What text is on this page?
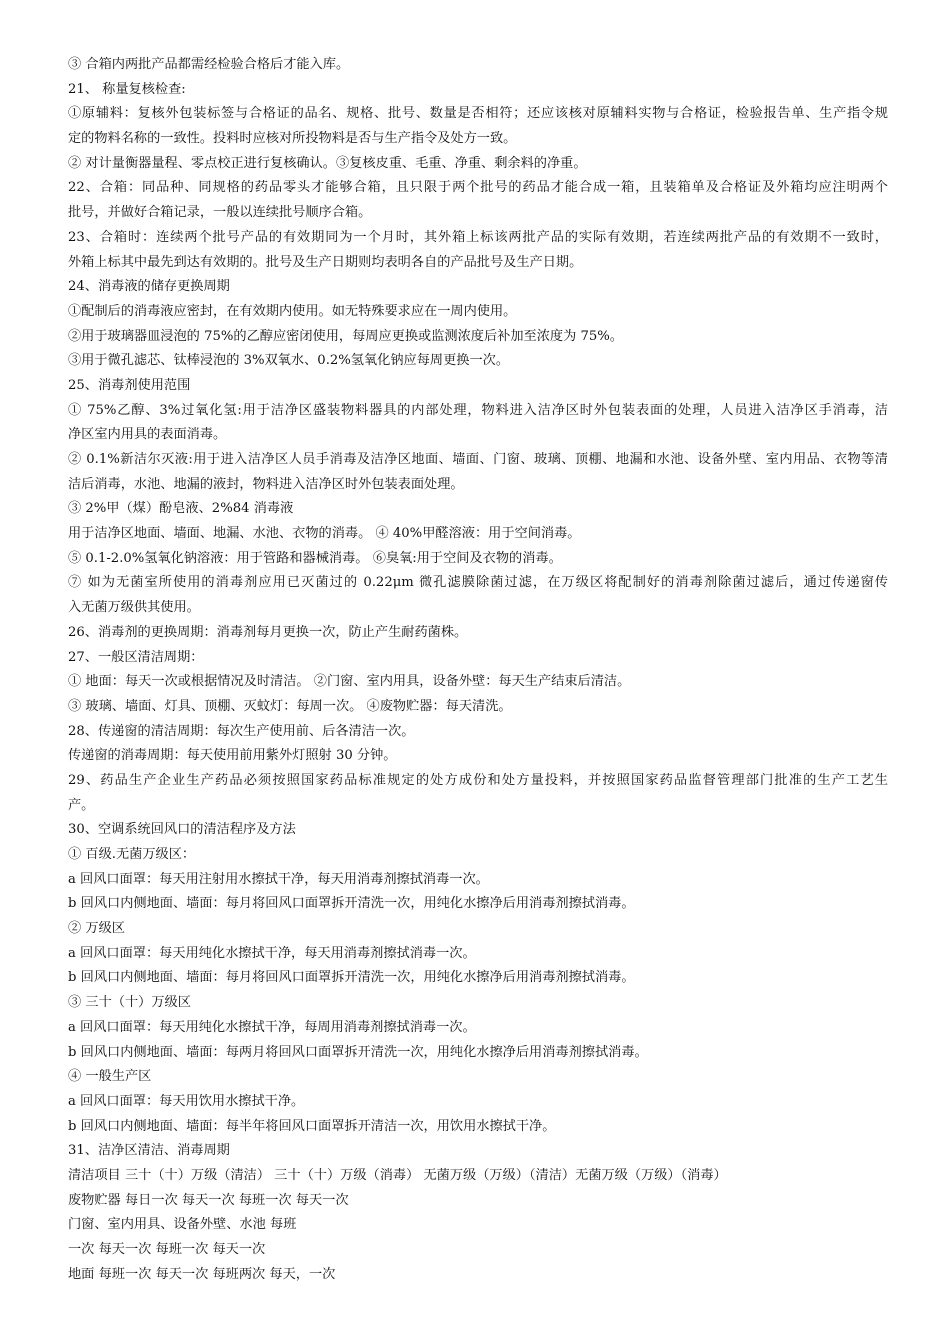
③ 合箱内两批产品都需经检验合格后才能入库。
21、 称量复核检查:
①原辅料：复核外包装标签与合格证的品名、规格、批号、数量是否相符；还应该核对原辅料实物与合格证，检验报告单、生产指令规
定的物料名称的一致性。投料时应核对所投物料是否与生产指令及处方一致。
② 对计量衡器量程、零点校正进行复核确认。③复核皮重、毛重、净重、剩余料的净重。
22、合箱：同品种、同规格的药品零头才能够合箱，且只限于两个批号的药品才能合成一箱，且装箱单及合格证及外箱均应注明两个
批号，并做好合箱记录，一般以连续批号顺序合箱。
23、合箱时：连续两个批号产品的有效期同为一个月时，其外箱上标该两批产品的实际有效期，若连续两批产品的有效期不一致时，
外箱上标其中最先到达有效期的。批号及生产日期则均表明各自的产品批号及生产日期。
24、消毒液的储存更换周期
①配制后的消毒液应密封，在有效期内使用。如无特殊要求应在一周内使用。
②用于玻璃器皿浸泡的 75%的乙醇应密闭使用，每周应更换或监测浓度后补加至浓度为 75%。
③用于微孔滤芯、钛棒浸泡的 3%双氧水、0.2%氢氧化钠应每周更换一次。
25、消毒剂使用范围
① 75%乙醇、3%过氧化氢:用于洁净区盛装物料器具的内部处理，物料进入洁净区时外包装表面的处理，人员进入洁净区手消毒，洁
净区室内用具的表面消毒。
② 0.1%新洁尔灭液:用于进入洁净区人员手消毒及洁净区地面、墙面、门窗、玻璃、顶棚、地漏和水池、设备外壁、室内用品、衣物等清
洁后消毒，水池、地漏的液封，物料进入洁净区时外包装表面处理。
③ 2%甲（煤）酚皂液、2%84 消毒液
用于洁净区地面、墙面、地漏、水池、衣物的消毒。 ④ 40%甲醛溶液：用于空间消毒。
⑤ 0.1-2.0%氢氧化钠溶液：用于管路和器械消毒。 ⑥臭氧:用于空间及衣物的消毒。
⑦ 如为无菌室所使用的消毒剂应用已灭菌过的 0.22μm 微孔滤膜除菌过滤，在万级区将配制好的消毒剂除菌过滤后，通过传递窗传
入无菌万级供其使用。
26、消毒剂的更换周期：消毒剂每月更换一次，防止产生耐药菌株。
27、一般区清洁周期：
① 地面：每天一次或根据情况及时清洁。 ②门窗、室内用具，设备外壁：每天生产结束后清洁。
③ 玻璃、墙面、灯具、顶棚、灭蚊灯：每周一次。 ④废物贮器：每天清洗。
28、传递窗的清洁周期：每次生产使用前、后各清洁一次。
传递窗的消毒周期：每天使用前用紫外灯照射 30 分钟。
29、药品生产企业生产药品必须按照国家药品标准规定的处方成份和处方量投料，并按照国家药品监督管理部门批准的生产工艺生
产。
30、空调系统回风口的清洁程序及方法
① 百级.无菌万级区：
a 回风口面罩：每天用注射用水擦拭干净，每天用消毒剂擦拭消毒一次。
b 回风口内侧地面、墙面：每月将回风口面罩拆开清洗一次，用纯化水擦净后用消毒剂擦拭消毒。
② 万级区
a 回风口面罩：每天用纯化水擦拭干净，每天用消毒剂擦拭消毒一次。
b 回风口内侧地面、墙面：每月将回风口面罩拆开清洗一次，用纯化水擦净后用消毒剂擦拭消毒。
③ 三十（十）万级区
a 回风口面罩：每天用纯化水擦拭干净，每周用消毒剂擦拭消毒一次。
b 回风口内侧地面、墙面：每两月将回风口面罩拆开清洗一次，用纯化水擦净后用消毒剂擦拭消毒。
④ 一般生产区
a 回风口面罩：每天用饮用水擦拭干净。
b 回风口内侧地面、墙面：每半年将回风口面罩拆开清洁一次，用饮用水擦拭干净。
31、洁净区清洁、消毒周期
清洁项目 三十（十）万级（清洁） 三十（十）万级（消毒） 无菌万级（万级）（清洁）无菌万级（万级）（消毒）
废物贮器 每日一次 每天一次 每班一次 每天一次
门窗、室内用具、设备外壁、水池 每班
一次 每天一次 每班一次 每天一次
地面 每班一次 每天一次 每班两次 每天，一次
